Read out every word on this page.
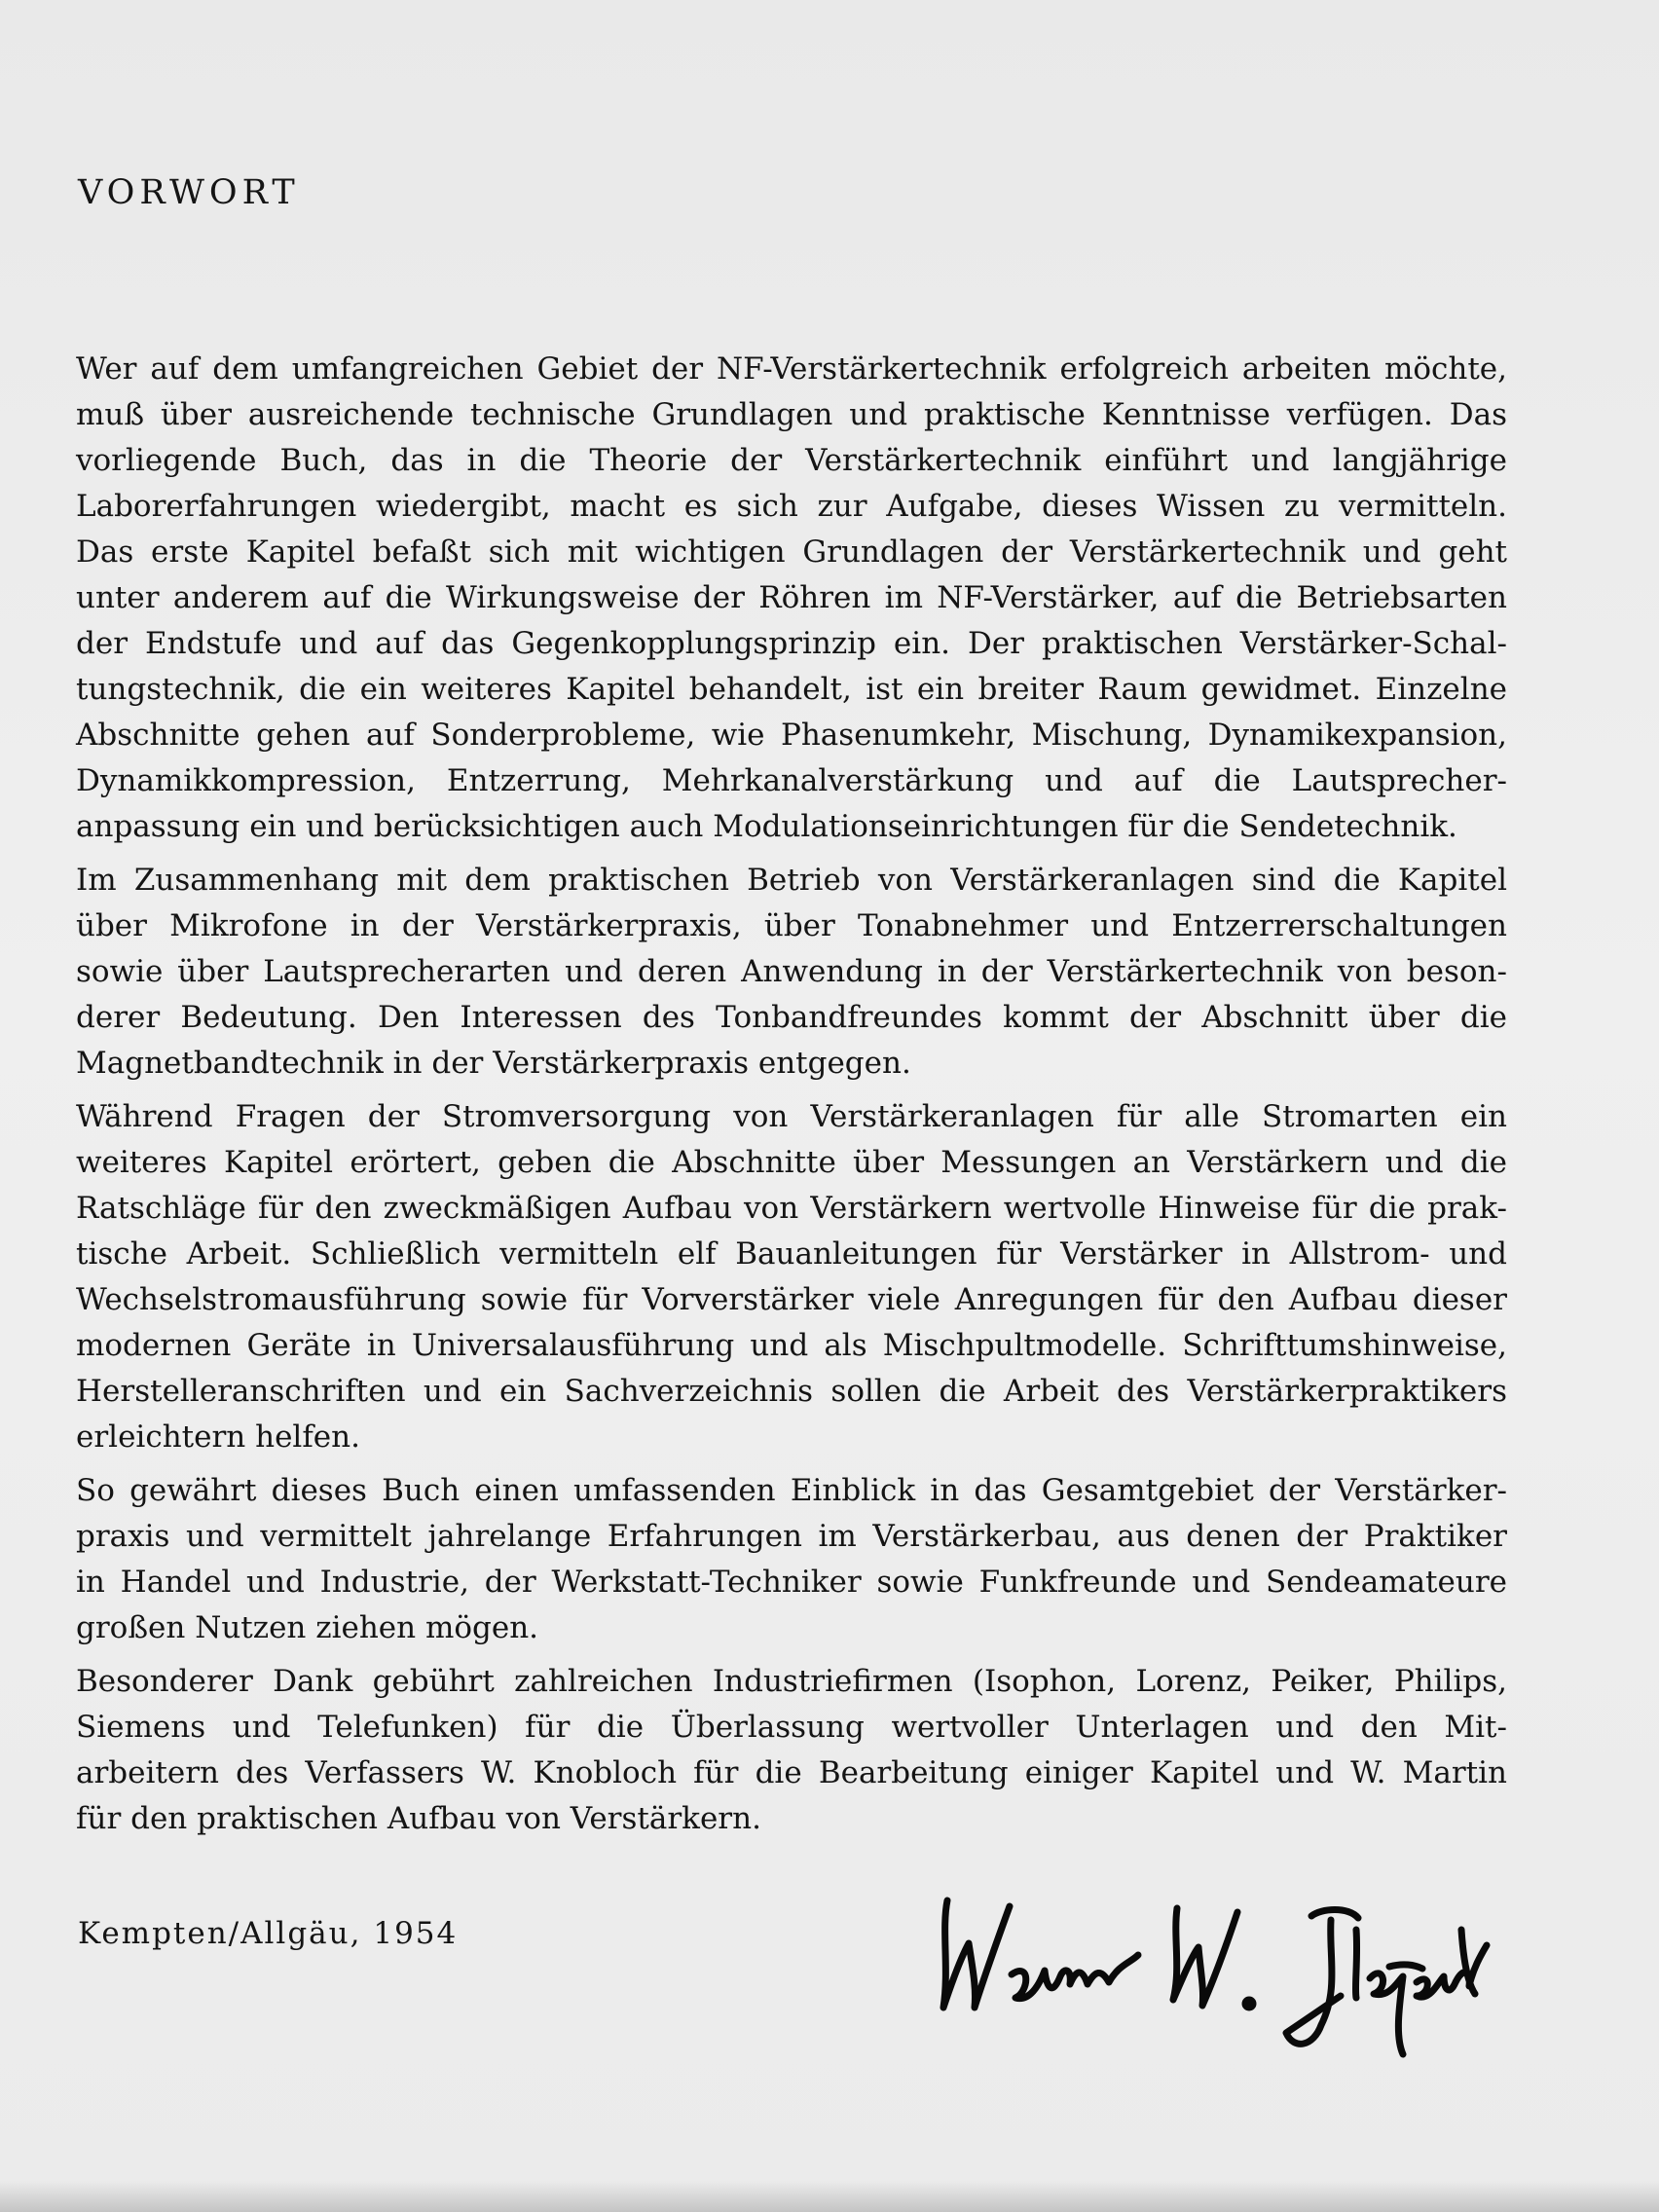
VORWORT
Wer auf dem umfangreichen Gebiet der NF-Verstärkertechnik erfolgreich arbeiten möchte,
muß über ausreichende technische Grundlagen und praktische Kenntnisse verfügen. Das
vorliegende Buch, das in die Theorie der Verstärkertechnik einführt und langjährige
Laborerfahrungen wiedergibt, macht es sich zur Aufgabe, dieses Wissen zu vermitteln.
Das erste Kapitel befaßt sich mit wichtigen Grundlagen der Verstärkertechnik und geht
unter anderem auf die Wirkungsweise der Röhren im NF-Verstärker, auf die Betriebsarten
der Endstufe und auf das Gegenkopplungsprinzip ein. Der praktischen Verstärker-Schal-
tungstechnik, die ein weiteres Kapitel behandelt, ist ein breiter Raum gewidmet. Einzelne
Abschnitte gehen auf Sonderprobleme, wie Phasenumkehr, Mischung, Dynamikexpansion,
Dynamikkompression, Entzerrung, Mehrkanalverstärkung und auf die Lautsprecher-
anpassung ein und berücksichtigen auch Modulationseinrichtungen für die Sendetechnik.
Im Zusammenhang mit dem praktischen Betrieb von Verstärkeranlagen sind die Kapitel
über Mikrofone in der Verstärkerpraxis, über Tonabnehmer und Entzerrerschaltungen
sowie über Lautsprecherarten und deren Anwendung in der Verstärkertechnik von beson-
derer Bedeutung. Den Interessen des Tonbandfreundes kommt der Abschnitt über die
Magnetbandtechnik in der Verstärkerpraxis entgegen.
Während Fragen der Stromversorgung von Verstärkeranlagen für alle Stromarten ein
weiteres Kapitel erörtert, geben die Abschnitte über Messungen an Verstärkern und die
Ratschläge für den zweckmäßigen Aufbau von Verstärkern wertvolle Hinweise für die prak-
tische Arbeit. Schließlich vermitteln elf Bauanleitungen für Verstärker in Allstrom- und
Wechselstromausführung sowie für Vorverstärker viele Anregungen für den Aufbau dieser
modernen Geräte in Universalausführung und als Mischpultmodelle. Schrifttumshinweise,
Herstelleranschriften und ein Sachverzeichnis sollen die Arbeit des Verstärkerpraktikers
erleichtern helfen.
So gewährt dieses Buch einen umfassenden Einblick in das Gesamtgebiet der Verstärker-
praxis und vermittelt jahrelange Erfahrungen im Verstärkerbau, aus denen der Praktiker
in Handel und Industrie, der Werkstatt-Techniker sowie Funkfreunde und Sendeamateure
großen Nutzen ziehen mögen.
Besonderer Dank gebührt zahlreichen Industriefirmen (Isophon, Lorenz, Peiker, Philips,
Siemens und Telefunken) für die Überlassung wertvoller Unterlagen und den Mit-
arbeitern des Verfassers W. Knobloch für die Bearbeitung einiger Kapitel und W. Martin
für den praktischen Aufbau von Verstärkern.
Kempten/Allgäu, 1954
